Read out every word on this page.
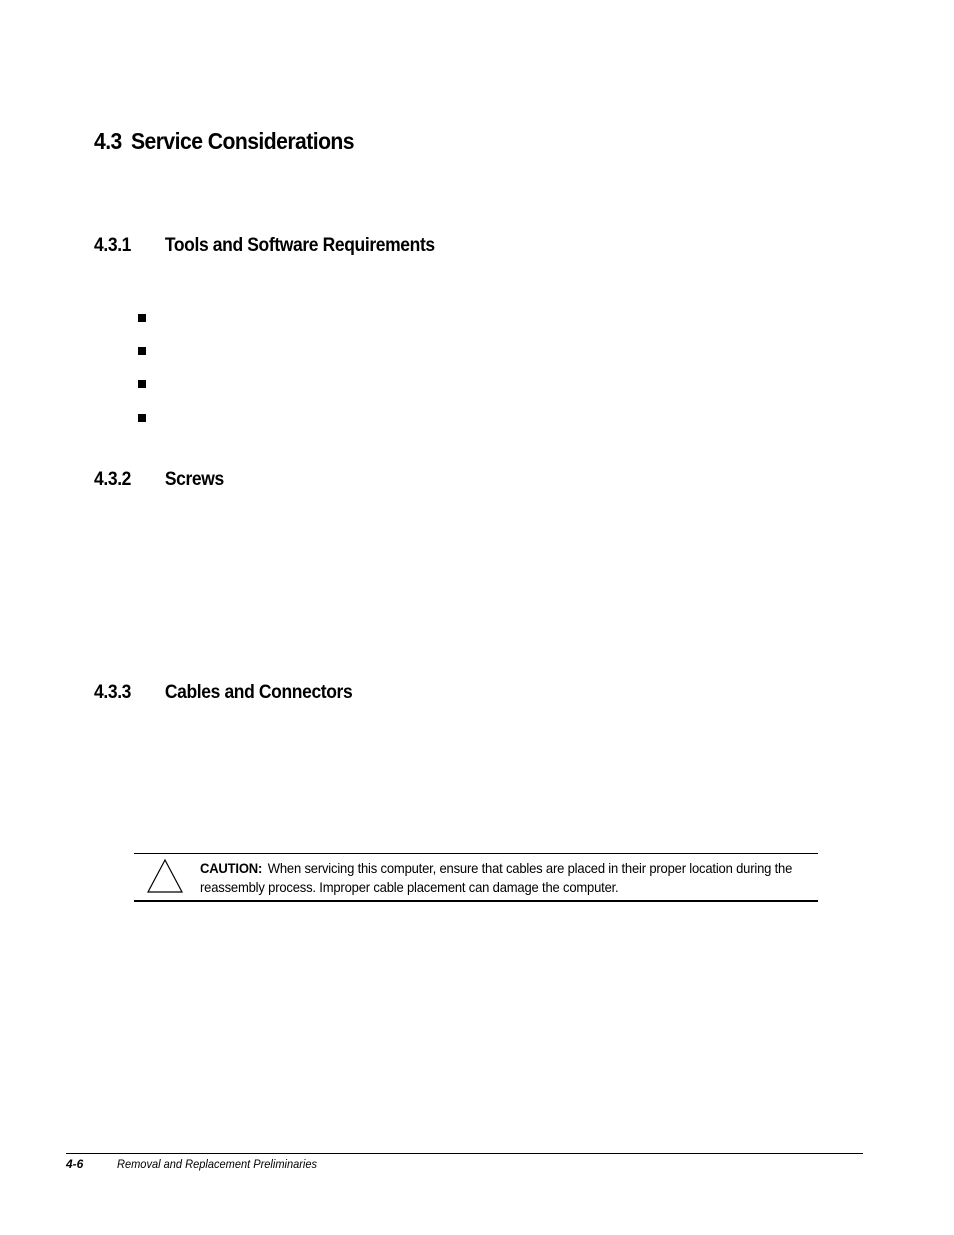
4.3 Service Considerations
4.3.1 Tools and Software Requirements
4.3.2 Screws
4.3.3 Cables and Connectors
CAUTION: When servicing this computer, ensure that cables are placed in their proper location during the reassembly process. Improper cable placement can damage the computer.
4-6	Removal and Replacement Preliminaries
